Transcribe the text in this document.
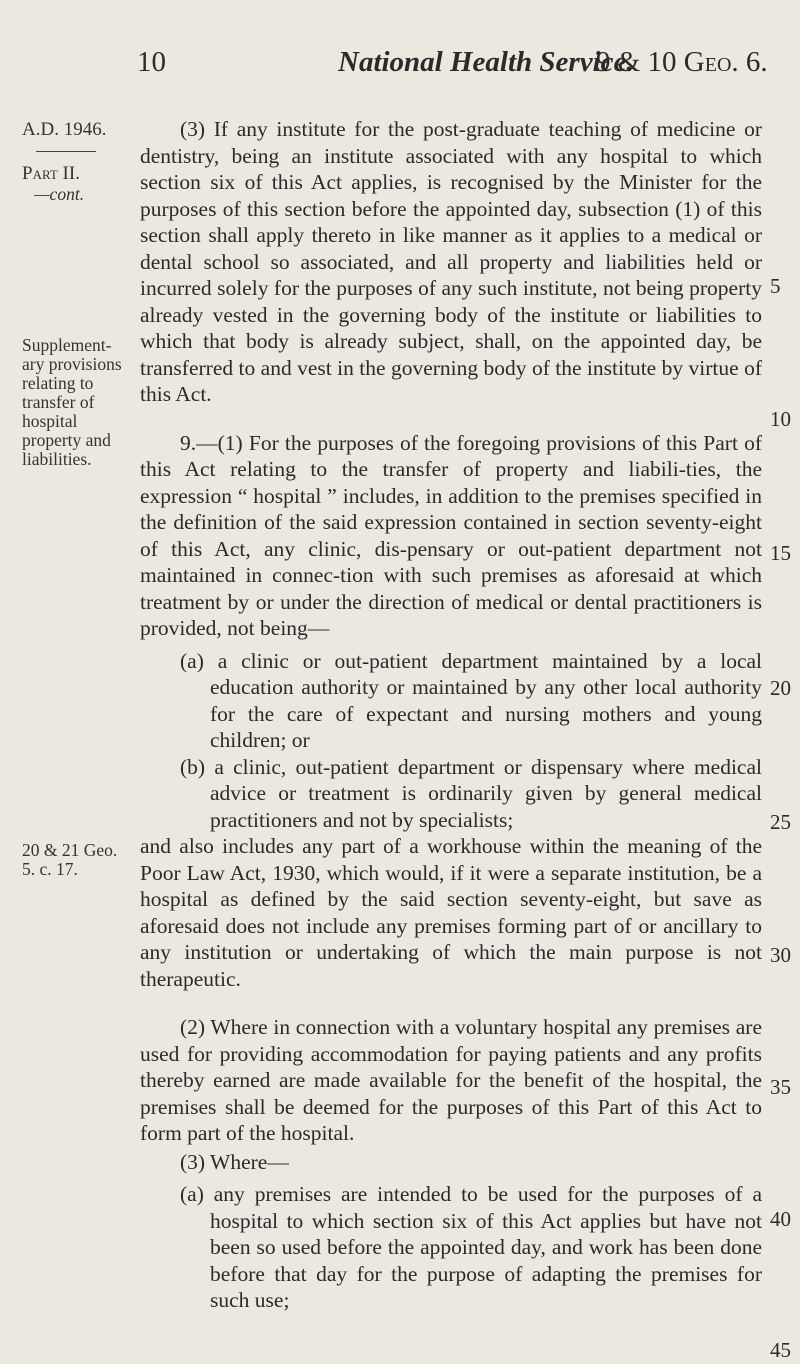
10	National Health Service.
9 & 10 Geo. 6.
A.D. 1946.
Part II.
—cont.
Supplement-ary provisions relating to transfer of hospital property and liabilities.
20 & 21 Geo. 5. c. 17.

(3) If any institute for the post-graduate teaching of medicine or dentistry, being an institute associated with any hospital to which section six of this Act applies, is recognised by the Minister for the purposes of this section before the appointed day, subsection (1) of this section shall apply thereto in like manner as it applies to a medical or dental school so associated, and all property and liabilities held or incurred solely for the purposes of any such institute, not being property already vested in the governing body of the institute or liabilities to which that body is already subject, shall, on the appointed day, be transferred to and vest in the governing body of the institute by virtue of this Act.

9.—(1) For the purposes of the foregoing provisions of this Part of this Act relating to the transfer of property and liabili-ties, the expression “ hospital ” includes, in addition to the premises specified in the definition of the said expression contained in section seventy-eight of this Act, any clinic, dis-pensary or out-patient department not maintained in connec-tion with such premises as aforesaid at which treatment by or under the direction of medical or dental practitioners is provided, not being—

(a) a clinic or out-patient department maintained by a local education authority or maintained by any other local authority for the care of expectant and nursing mothers and young children; or

(b) a clinic, out-patient department or dispensary where medical advice or treatment is ordinarily given by general medical practitioners and not by specialists;

and also includes any part of a workhouse within the meaning of the Poor Law Act, 1930, which would, if it were a separate institution, be a hospital as defined by the said section seventy-eight, but save as aforesaid does not include any premises forming part of or ancillary to any institution or undertaking of which the main purpose is not therapeutic.

(2) Where in connection with a voluntary hospital any premises are used for providing accommodation for paying patients and any profits thereby earned are made available for the benefit of the hospital, the premises shall be deemed for the purposes of this Part of this Act to form part of the hospital.

(3) Where—

(a) any premises are intended to be used for the purposes of a hospital to which section six of this Act applies but have not been so used before the appointed day, and work has been done before that day for the purpose of adapting the premises for such use;

5
10
15
20
25
30
35
40
45
